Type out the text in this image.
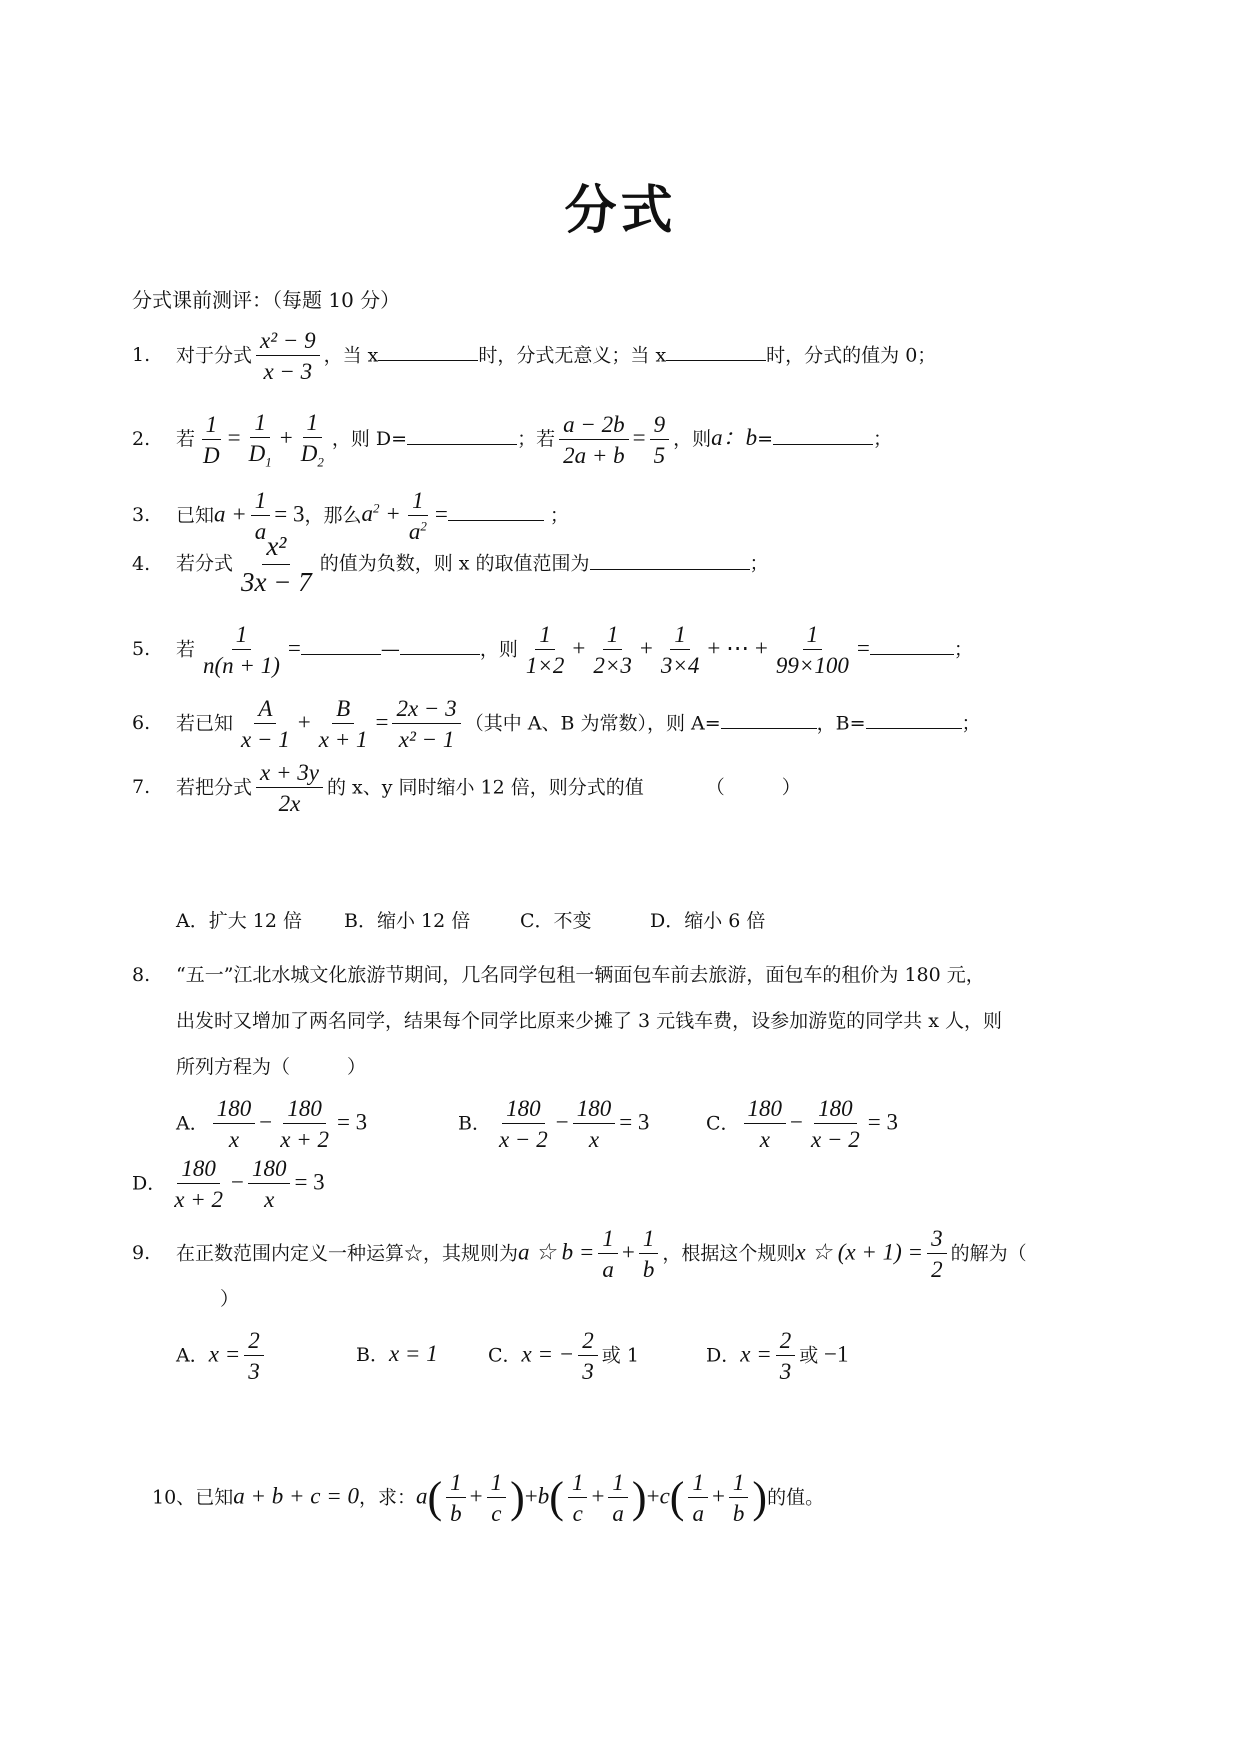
分式
分式课前测评：（每题 10 分）
1. 对于分式 $\frac{\text{x² − 9}}{x - 3}$ ，当 x	时，分式无意义；当 x	时，分式的值为 0；
2. 若 $\frac{1}{D} = \frac{1}{D_1} + \frac{1}{D_2}$ ，则 D=	；若 $\frac{a - 2b}{2a + b} = \frac{9}{5}$ ，则a：b=	；
3. 已知$a + \frac{1}{a} = 3$，那么$a^2 + \frac{1}{a^2}$ =	；
4. 若分式 $\frac{\text{x²}}{3x - 7}$ 的值为负数，则 x 的取值范围为	；
5. 若 $\frac{1}{n(n + 1)}$ =	—	，则 $\frac{1}{1\times 2} + \frac{1}{2\times 3} + \frac{1}{3\times 4}$ + ⋯ + $\frac{1}{99\times 100}$ =	；
6. 若已知 $\frac{A}{x - 1} + \frac{B}{x + 1} = \frac{2x - 3}{\text{x² − 1}}$ （其中 A、B 为常数），则 A=	，B=	；
7. 若把分式 $\frac{x + 3y}{2x}$ 的 x、y 同时缩小 12 倍，则分式的值	（　　　）
A．扩大 12 倍 B．缩小 12 倍	C．不变	D．缩小 6 倍
8. “五一”江北水城文化旅游节期间，几名同学包租一辆面包车前去旅游，面包车的租价为 180 元，
出发时又增加了两名同学，结果每个同学比原来少摊了 3 元钱车费，设参加游览的同学共 x 人，则
所列方程为（　　　）
A． $\frac{180}{x} - \frac{180}{x + 2} = 3$	B． $\frac{180}{x - 2} - \frac{180}{x} = 3$	C． $\frac{180}{x} - \frac{180}{x - 2} = 3$
D． $\frac{180}{x + 2} - \frac{180}{x} = 3$
9. 在正数范围内定义一种运算☆，其规则为a ☆ $b = \frac{1}{a} + \frac{1}{b}$ ，根据这个规则x ☆ $(x + 1) = \frac{3}{2}$ 的解为（
）
A．$x = \frac{2}{3}$	B．x = 1	C．x = − $\frac{2}{3}$ 或 1	D．$x = \frac{2}{3}$ 或 −1
10、已知a + b + c = 0，求：$a( \frac{1}{b} + \frac{1}{c} )+b( \frac{1}{c} + \frac{1}{a} )+c( \frac{1}{a} + \frac{1}{b}$ )的值。
